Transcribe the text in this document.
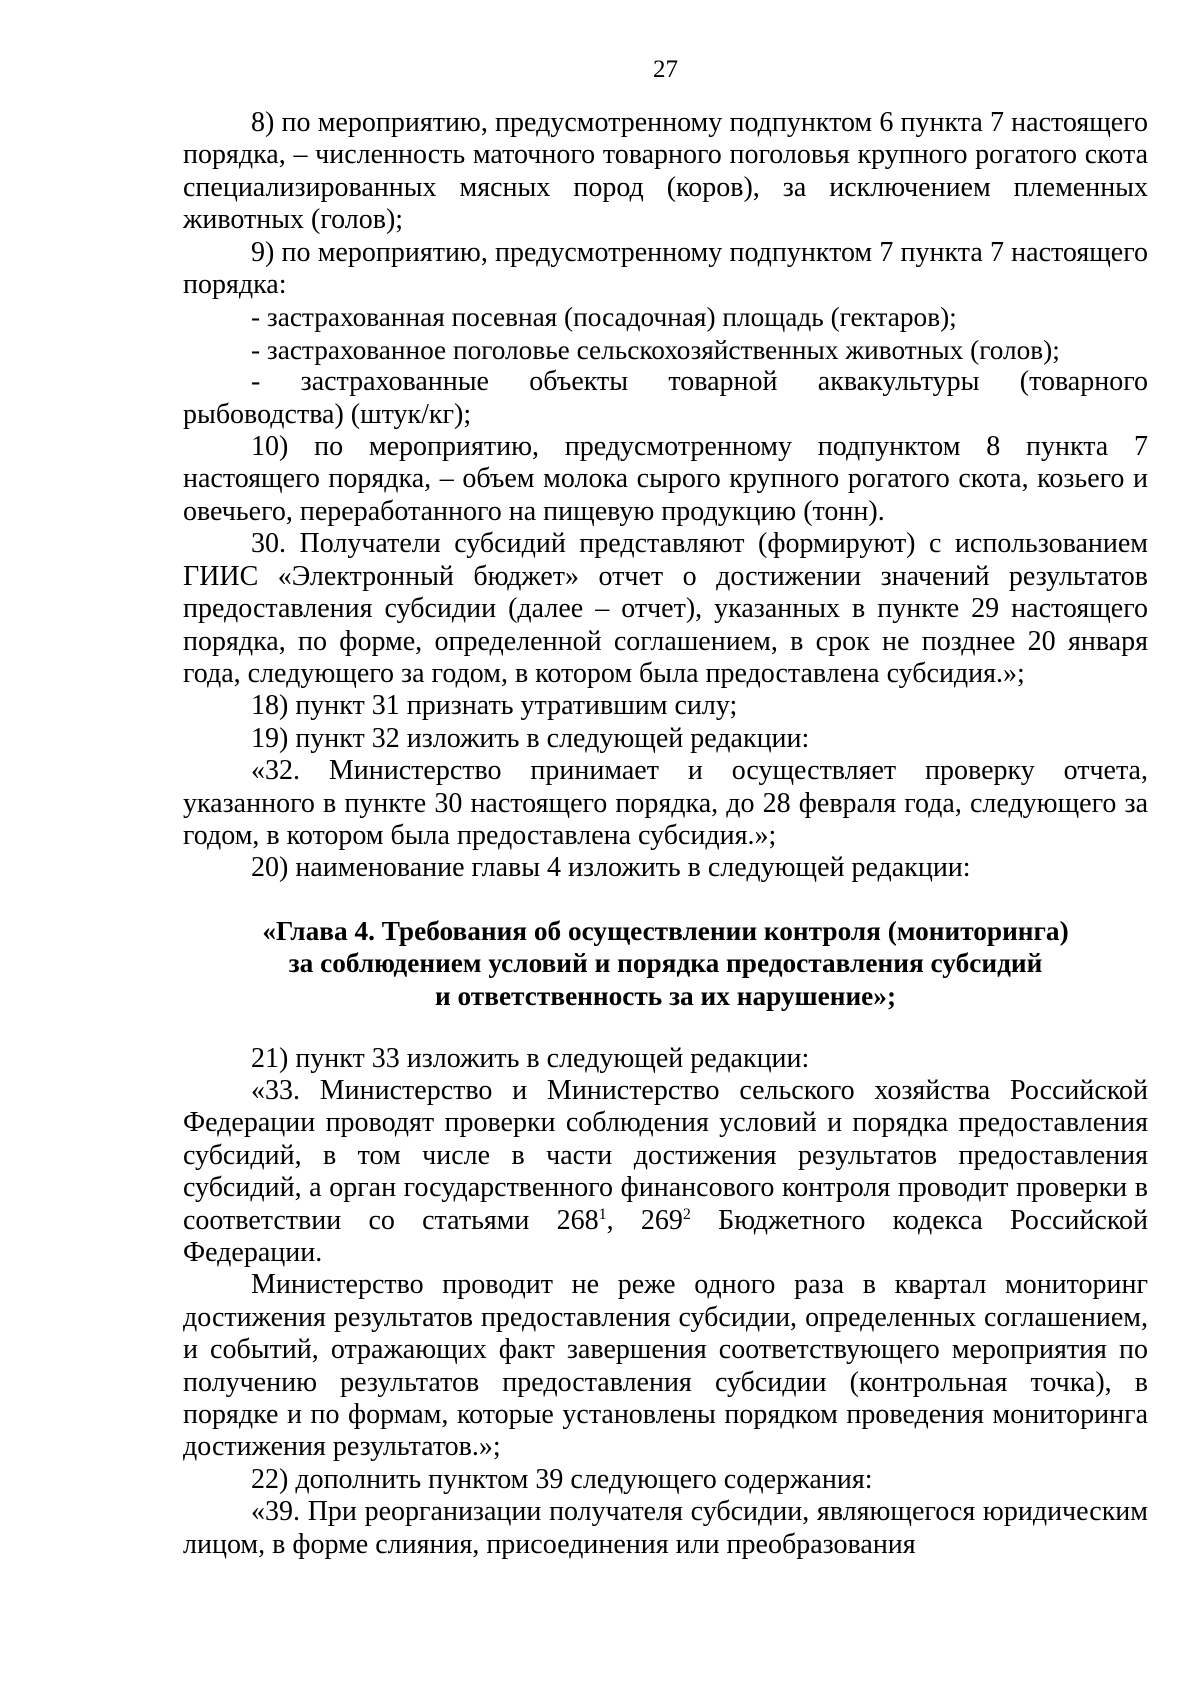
27

8) по мероприятию, предусмотренному подпунктом 6 пункта 7 настоящего порядка, – численность маточного товарного поголовья крупного рогатого скота специализированных мясных пород (коров), за исключением племенных животных (голов);

9) по мероприятию, предусмотренному подпунктом 7 пункта 7 настоящего порядка:

- застрахованная посевная (посадочная) площадь (гектаров);

- застрахованное поголовье сельскохозяйственных животных (голов);

- застрахованные объекты товарной аквакультуры (товарного рыбоводства) (штук/кг);

10) по мероприятию, предусмотренному подпунктом 8 пункта 7 настоящего порядка, – объем молока сырого крупного рогатого скота, козьего и овечьего, переработанного на пищевую продукцию (тонн).

30. Получатели субсидий представляют (формируют) с использованием ГИИС «Электронный бюджет» отчет о достижении значений результатов предоставления субсидии (далее – отчет), указанных в пункте 29 настоящего порядка, по форме, определенной соглашением, в срок не позднее 20 января года, следующего за годом, в котором была предоставлена субсидия.»;

18) пункт 31 признать утратившим силу;

19) пункт 32 изложить в следующей редакции:

«32. Министерство принимает и осуществляет проверку отчета, указанного в пункте 30 настоящего порядка, до 28 февраля года, следующего за годом, в котором была предоставлена субсидия.»;

20) наименование главы 4 изложить в следующей редакции:

«Глава 4. Требования об осуществлении контроля (мониторинга)
за соблюдением условий и порядка предоставления субсидий
и ответственность за их нарушение»;

21) пункт 33 изложить в следующей редакции:

«33. Министерство и Министерство сельского хозяйства Российской Федерации проводят проверки соблюдения условий и порядка предоставления субсидий, в том числе в части достижения результатов предоставления субсидий, а орган государственного финансового контроля проводит проверки в соответствии со статьями $268^1$, $269^2$ Бюджетного кодекса Российской Федерации.

Министерство проводит не реже одного раза в квартал мониторинг достижения результатов предоставления субсидии, определенных соглашением, и событий, отражающих факт завершения соответствующего мероприятия по получению результатов предоставления субсидии (контрольная точка), в порядке и по формам, которые установлены порядком проведения мониторинга достижения результатов.»;

22) дополнить пунктом 39 следующего содержания:

«39. При реорганизации получателя субсидии, являющегося юридическим лицом, в форме слияния, присоединения или преобразования
